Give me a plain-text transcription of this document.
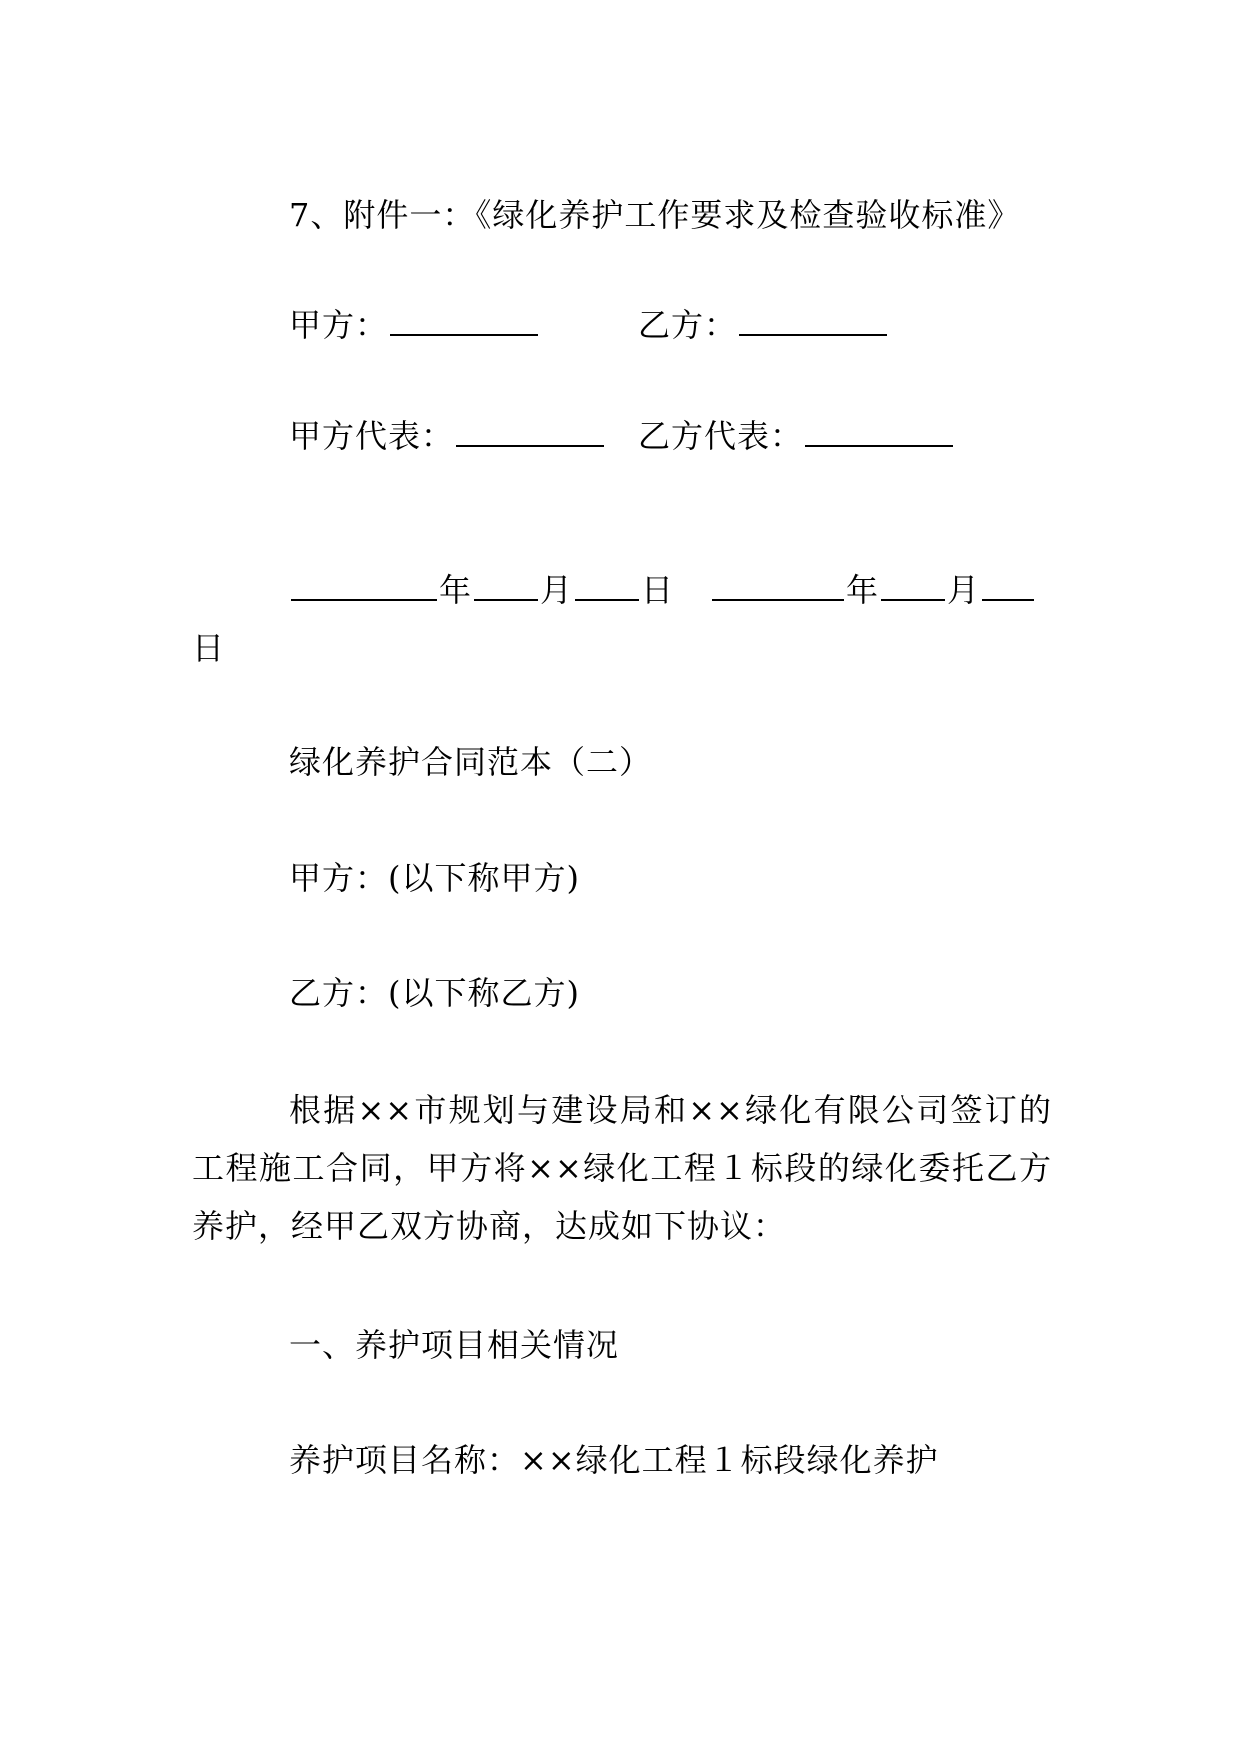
7、附件一：《绿化养护工作要求及检查验收标准》
甲方：	乙方：
甲方代表：	乙方代表：
年 月 日	年 月
日
绿化养护合同范本（二）
甲方：(以下称甲方)
乙方：(以下称乙方)
根据××市规划与建设局和××绿化有限公司签订的工程施工合同，甲方将××绿化工程１标段的绿化委托乙方养护，经甲乙双方协商，达成如下协议：
一、养护项目相关情况
养护项目名称：××绿化工程１标段绿化养护
